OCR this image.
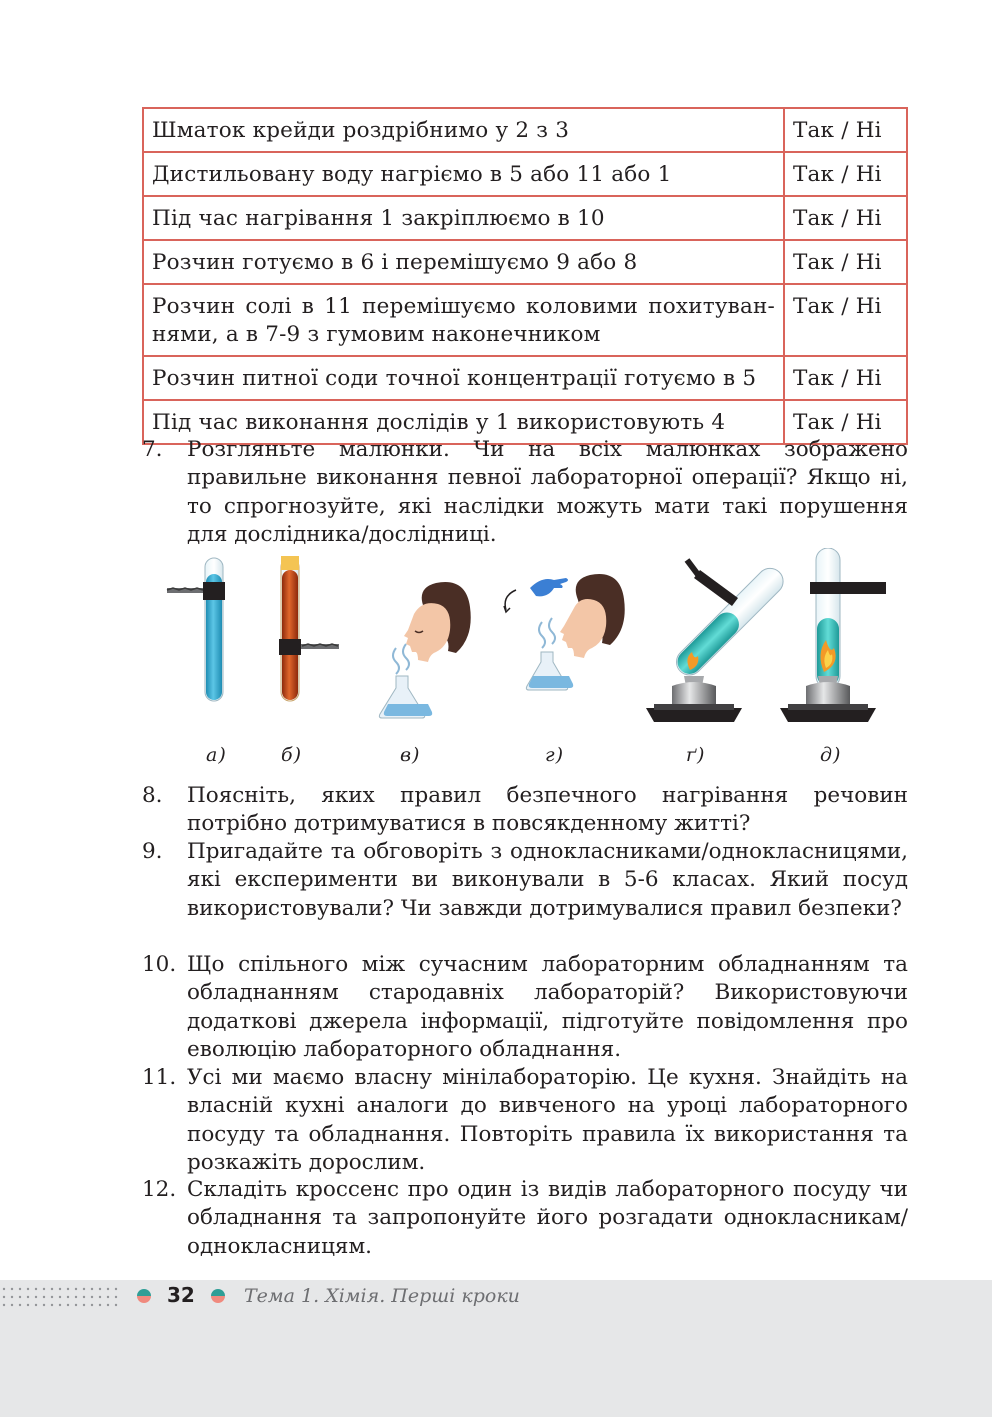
Шматок крейди роздрібнимо у 2 з 3	Так / Ні
Дистильовану воду нагріємо в 5 або 11 або 1	Так / Ні
Під час нагрівання 1 закріплюємо в 10	Так / Ні
Розчин готуємо в 6 і перемішуємо 9 або 8	Так / Ні

Розчин солі в 11 перемішуємо коловими похитуван-
нями, а в 7-9 з гумовим наконечником	Так / Ні
Розчин питної соди точної концентрації готуємо в 5	Так / Ні
Під час виконання дослідів у 1 використовують 4	Так / Ні
7. Розгляньте малюнки. Чи на всіх малюнках зображено правильне виконання певної лабораторної операції? Якщо ні, то спрогнозуйте, які наслідки можуть мати такі порушення для дослідника/дослідниці.
а)	б)	в)	г)	ґ)	д)
8. Поясніть, яких правил безпечного нагрівання речовин потрібно дотримуватися в повсякденному житті?
9. Пригадайте та обговоріть з однокласниками/однокласницями, які експерименти ви виконували в 5-6 класах. Який посуд використовували? Чи завжди дотримувалися правил безпеки?
10. Що спільного між сучасним лабораторним обладнанням та обладнанням стародавніх лабораторій? Використовуючи додаткові джерела інформації, підготуйте повідомлення про еволюцію лабораторного обладнання.
11. Усі ми маємо власну мінілабораторію. Це кухня. Знайдіть на власній кухні аналоги до вивченого на уроці лабораторного посуду та обладнання. Повторіть правила їх використання та розкажіть дорослим.
12. Складіть кроссенс про один із видів лабораторного посуду чи обладнання та запропонуйте його розгадати однокласникам/однокласницям.
32	Тема 1. Хімія. Перші кроки
